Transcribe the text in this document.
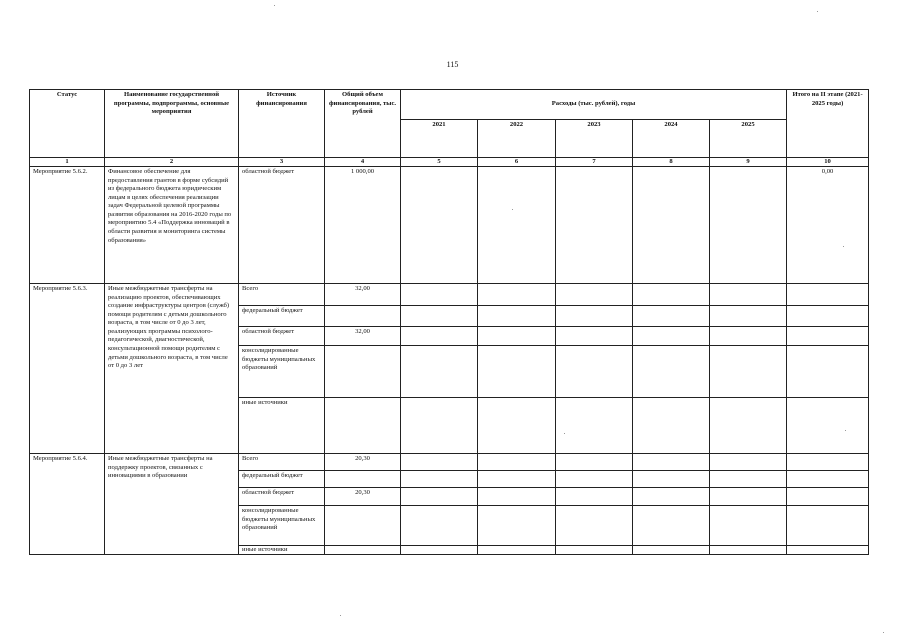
115
Статус	Наименование государственной программы, подпрограммы, основные мероприятия	Источник финансирования	Общий объем финансирования, тыс. рублей	Расходы (тыс. рублей), годы					Итого на II этапе (2021-2025 годы)
				2021	2022	2023	2024	2025	
1	2	3	4	5	6	7	8	9	10
Мероприятие 5.6.2.	Финансовое обеспечение для предоставления грантов в форме субсидий из федерального бюджета юридическим лицам в целях обеспечения реализации задач Федеральной целевой программы развития образования на 2016-2020 годы по мероприятию 5.4 «Поддержка инноваций в области развития и мониторинга системы образования»	областной бюджет	1 000,00						0,00
Мероприятие 5.6.3.	Иные межбюджетные трансферты на реализацию проектов, обеспечивающих создание инфраструктуры центров (служб) помощи родителям с детьми дошкольного возраста, в том числе от 0 до 3 лет, реализующих программы психолого-педагогической, диагностической, консультационной помощи родителям с детьми дошкольного возраста, в том числе от 0 до 3 лет	Всего	32,00						
		федеральный бюджет							
		областной бюджет	32,00						
		консолидированные бюджеты муниципальных образований							
		иные источники							
Мероприятие 5.6.4.	Иные межбюджетные трансферты на поддержку проектов, связанных с инновациями в образовании	Всего	20,30						
		федеральный бюджет							
		областной бюджет	20,30						
		консолидированные бюджеты муниципальных образований							
		иные источники							
